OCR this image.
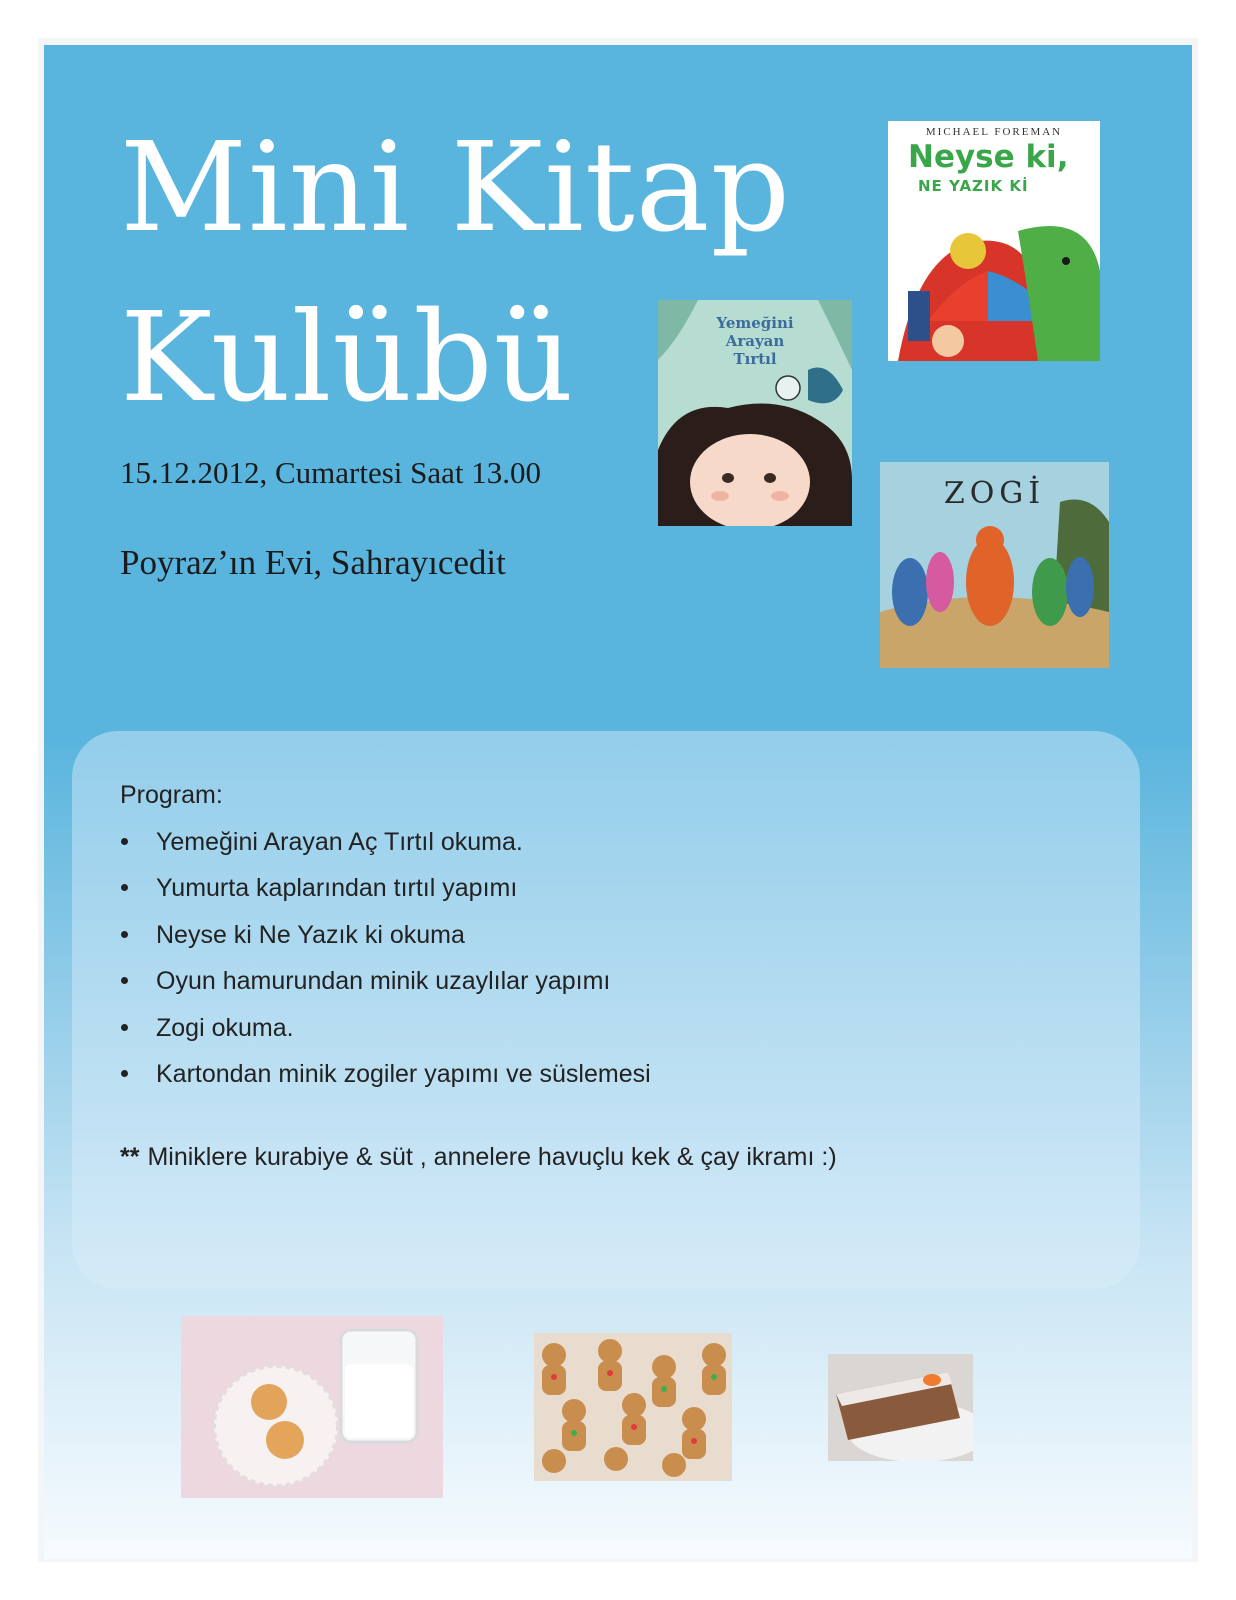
Mini Kitap
Kulübü
15.12.2012, Cumartesi Saat 13.00
Poyraz’ın Evi, Sahrayıcedit
MICHAEL FOREMAN
Neyse ki,
NE YAZIK Kİ
Yemeğini
Arayan
Tırtıl
ZOGİ
Program:
Yemeğini Arayan Aç Tırtıl okuma.
Yumurta kaplarından tırtıl yapımı
Neyse ki Ne Yazık ki okuma
Oyun hamurundan minik uzaylılar yapımı
Zogi okuma.
Kartondan minik zogiler yapımı ve süslemesi
** Miniklere kurabiye & süt , annelere havuçlu kek & çay ikramı :)
